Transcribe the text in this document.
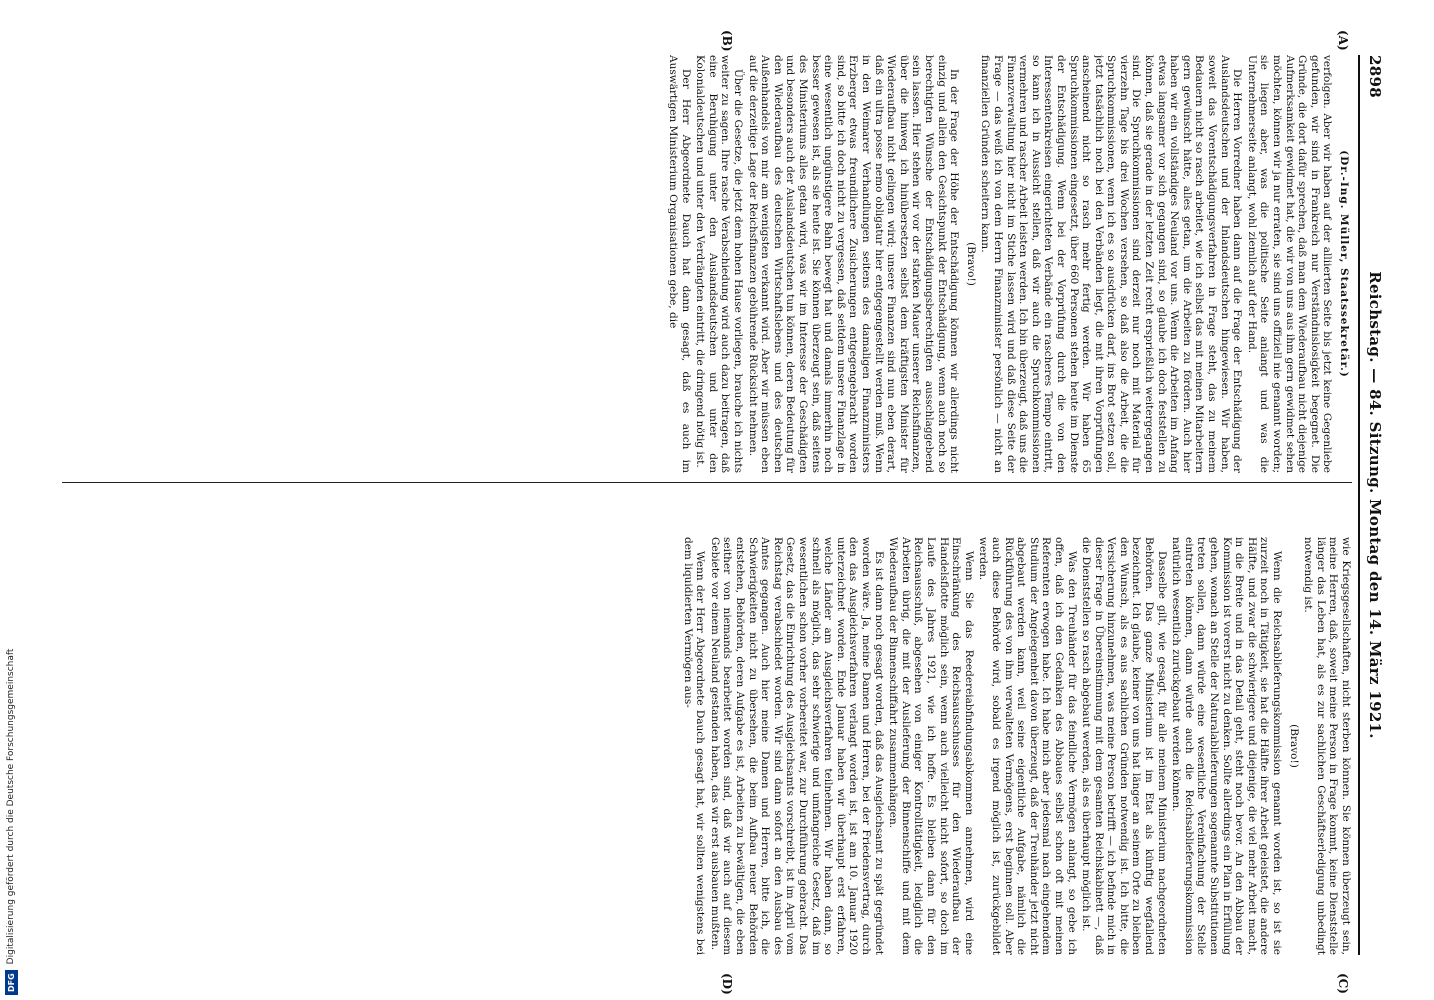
2898
Reichstag. — 84. Sitzung. Montag den 14. März 1921.
(A)
(B)
(C)
(D)

(Dr.-Ing. Müller, Staatssekretär.)

verfolgen. Aber wir haben auf der alliierten Seite bis jetzt keine Gegenliebe gefunden, wir sind in Frankreich nur Verständnislosigkeit begegnet. Die Gründe, die dort dafür sprechen, daß man dem Wiederaufbau nicht diejenige Aufmerksamkeit gewidmet hat, die wir von uns aus ihm gern gewidmet sehen möchten, können wir ja nur erraten, sie sind uns offiziell nie genannt worden; sie liegen aber, was die politische Seite anlangt und was die Unternehmerseite anlangt, wohl ziemlich auf der Hand.

Die Herren Vorredner haben dann auf die Frage der Entschädigung der Auslandsdeutschen und der Inlandsdeutschen hingewiesen. Wir haben, soweit das Vorentschädigungsverfahren in Frage steht, das zu meinem Bedauern nicht so rasch arbeitet, wie ich selbst das mit meinen Mitarbeitern gern gewünscht hätte, alles getan, um die Arbeiten zu fördern. Auch hier haben wir ein vollständiges Neuland vor uns. Wenn die Arbeiten im Anfang etwas langsamer vor sich gegangen sind, so glaube ich doch feststellen zu können, daß sie gerade in der letzten Zeit recht ersprießlich weitergegangen sind. Die Spruchkommissionen sind derzeit nur noch mit Material für vierzehn Tage bis drei Wochen versehen, so daß also die Arbeit, die die Spruchkommissionen, wenn ich es so ausdrücken darf, ins Brot setzen soll, jetzt tatsächlich noch bei den Verbänden liegt, die mit ihren Vorprüfungen anscheinend nicht so rasch mehr fertig werden. Wir haben 65 Spruchkommissionen eingesetzt, über 660 Personen stehen heute im Dienste der Entschädigung. Wenn bei der Vorprüfung durch die von den Interessentenkreisen eingerichteten Verbände ein rascheres Tempo eintritt, so kann ich in Aussicht stellen, daß wir auch die Spruchkommissionen vermehren und rascher Arbeit leisten werden. Ich bin überzeugt, daß uns die Finanzverwaltung hier nicht im Stiche lassen wird und daß diese Seite der Frage — das weiß ich von dem Herrn Finanzminister persönlich — nicht an finanziellen Gründen scheitern kann.

(Bravo!)

In der Frage der Höhe der Entschädigung können wir allerdings nicht einzig und allein den Gesichtspunkt der Entschädigung, wenn auch noch so berechtigten Wünsche der Entschädigungsberechtigten ausschlaggebend sein lassen. Hier stehen wir vor der starken Mauer unserer Reichsfinanzen, über die hinweg ich hinübersetzen selbst dem kräftigsten Minister für Wiederaufbau nicht gelingen wird; unsere Finanzen sind nun eben derart, daß ein ultra posse nemo obligatur hier entgegengestellt werden muß. Wenn in den Weimarer Verhandlungen seitens des damaligen Finanzministers Erzberger etwas freundlichere Zusicherungen entgegengebracht worden sind, so bitte ich doch nicht zu vergessen, daß seitdem unsere Finanzlage in eine wesentlich ungünstigere Bahn bewegt hat und damals immerhin noch besser gewesen ist, als sie heute ist. Sie können überzeugt sein, daß seitens des Ministeriums alles getan wird, was wir im Interesse der Geschädigten und besonders auch der Auslandsdeutschen tun können, deren Bedeutung für den Wiederaufbau des deutschen Wirtschaftslebens und des deutschen Außenhandels von mir am wenigsten verkannt wird. Aber wir müssen eben auf die derzeitige Lage der Reichsfinanzen gebührende Rücksicht nehmen.

Über die Gesetze, die jetzt dem hohen Hause vorliegen, brauche ich nichts weiter zu sagen. Ihre rasche Verabschiedung wird auch dazu beitragen, daß eine Beruhigung unter den Auslandsdeutschen und unter den Kolonialdeutschen und unter den Verdrängten eintritt, die dringend nötig ist.

Der Herr Abgeordnete Dauch hat dann gesagt, daß es auch im Auswärtigen Ministerium Organisationen gebe, die

wie Kriegsgesellschaften, nicht sterben können. Sie können überzeugt sein, meine Herren, daß, soweit meine Person in Frage kommt, keine Dienststelle länger das Leben hat, als es zur sachlichen Geschäftserledigung unbedingt notwendig ist.

(Bravo!)

Wenn die Reichsablieferungskommission genannt worden ist, so ist sie zurzeit noch in Tätigkeit, sie hat die Hälfte ihrer Arbeit geleistet, die andere Hälfte, und zwar die schwierigere und diejenige, die viel mehr Arbeit macht, in die Breite und in das Detail geht, steht noch bevor. An den Abbau der Kommission ist vorerst nicht zu denken. Sollte allerdings ein Plan in Erfüllung gehen, wonach an Stelle der Naturalablieferungen sogenannte Substitutionen treten sollen, dann würde eine wesentliche Vereinfachung der Stelle eintreten können, dann würde auch die Reichsablieferungskommission natürlich wesentlich zurückgebaut werden können.

Dasselbe gilt, wie gesagt, für alle meinem Ministerium nachgeordneten Behörden. Das ganze Ministerium ist im Etat als künftig wegfallend bezeichnet. Ich glaube, keiner von uns hat länger an seinem Orte zu bleiben den Wunsch, als es aus sachlichen Gründen notwendig ist. Ich bitte, die Versicherung hinzunehmen, was meine Person betrifft — ich befinde mich in dieser Frage in Übereinstimmung mit dem gesamten Reichskabinett —, daß die Dienststellen so rasch abgebaut werden, als es überhaupt möglich ist.

Was den Treuhänder für das feindliche Vermögen anlangt, so gebe ich offen, daß ich den Gedanken des Abbaues selbst schon oft mit meinen Referenten erwogen habe. Ich habe mich aber jedesmal nach eingehendem Studium der Angelegenheit davon überzeugt, daß der Treuhänder jetzt nicht abgebaut werden kann, weil seine eigentliche Aufgabe, nämlich die Rückführung des von ihm verwalteten Vermögens, erst beginnen soll. Aber auch diese Behörde wird, sobald es irgend möglich ist, zurückgebildet werden.

Wenn Sie das Reedereiabfindungsabkommen annehmen, wird eine Einschränkung des Reichsausschusses für den Wiederaufbau der Handelsflotte möglich sein, wenn auch vielleicht nicht sofort, so doch im Laufe des Jahres 1921, wie ich hoffe. Es bleiben dann für den Reichsausschuß, abgesehen von einiger Kontrolltätigkeit, lediglich die Arbeiten übrig, die mit der Auslieferung der Binnenschiffe und mit dem Wiederaufbau der Binnenschiffahrt zusammenhängen.

Es ist dann noch gesagt worden, daß das Ausgleichsamt zu spät gegründet worden wäre. Ja, meine Damen und Herren, bei der Friedensvertrag, durch den das Ausgleichsverfahren verlangt worden ist, ist am 10. Januar 1920 unterzeichnet worden. Ende Januar haben wir überhaupt erst erfahren, welche Länder am Ausgleichsverfahren teilnehmen. Wir haben dann, so schnell als möglich, das sehr schwierige und umfangreiche Gesetz, daß im wesentlichen schon vorher vorbereitet war, zur Durchführung gebracht. Das Gesetz, das die Einrichtung des Ausgleichsamts vorschreibt, ist im April vom Reichstag verabschiedet worden. Wir sind dann sofort an den Ausbau des Amtes gegangen. Auch hier meine Damen und Herren, bitte ich, die Schwierigkeiten nicht zu übersehen, die beim Aufbau neuer Behörden entstehen, Behörden, deren Aufgabe es ist, Arbeiten zu bewältigen, die eben seither von niemands bearbeitet worden sind, daß wir auch auf diesem Gebiete vor einem Neuland gestanden haben, das wir erst ausbauen mußten.

Wenn der Herr Abgeordnete Dauch gesagt hat, wir sollten wenigstens bei dem liquidierten Vermögen aus-

DFG
Digitalisierung gefördert durch die Deutsche Forschungsgemeinschaft
